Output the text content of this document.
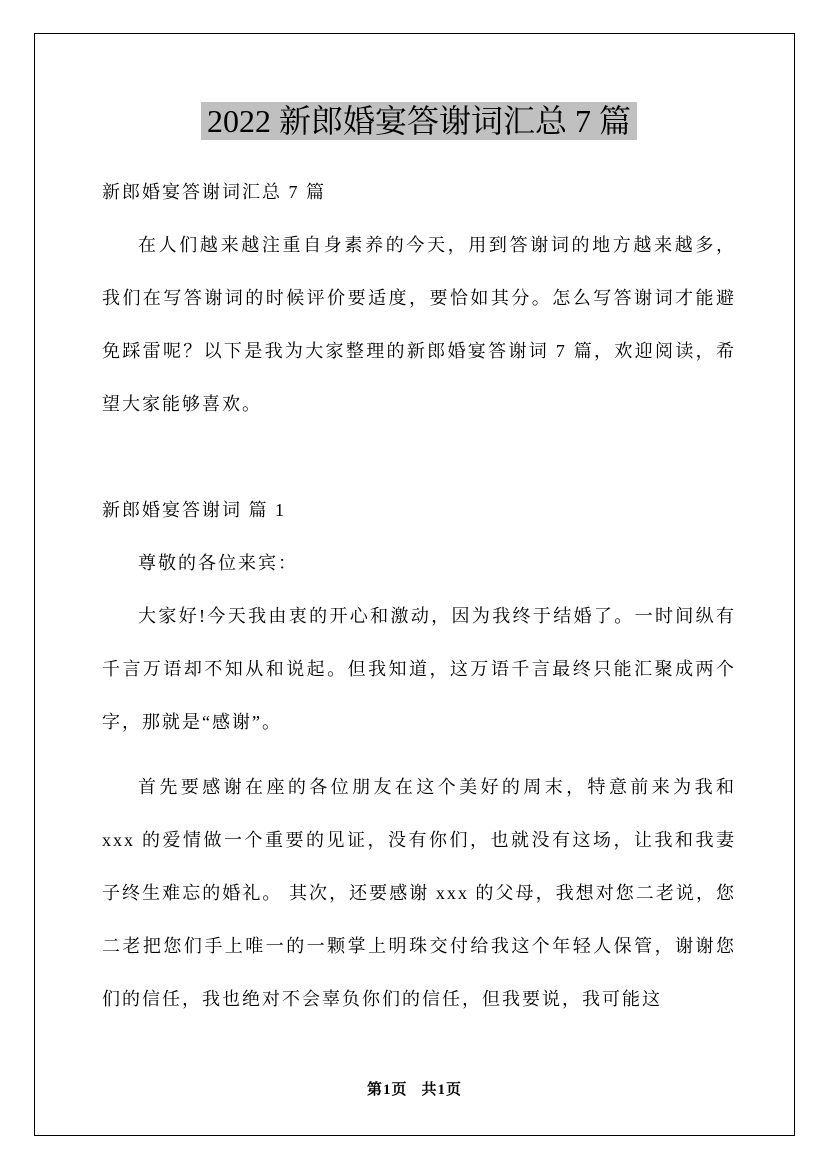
2022 新郎婚宴答谢词汇总 7 篇

新郎婚宴答谢词汇总 7 篇

在人们越来越注重自身素养的今天，用到答谢词的地方越来越多，我们在写答谢词的时候评价要适度，要恰如其分。怎么写答谢词才能避免踩雷呢？以下是我为大家整理的新郎婚宴答谢词 7 篇，欢迎阅读，希望大家能够喜欢。

新郎婚宴答谢词 篇 1

尊敬的各位来宾：

大家好!今天我由衷的开心和激动，因为我终于结婚了。一时间纵有千言万语却不知从和说起。但我知道，这万语千言最终只能汇聚成两个字，那就是“感谢”。

首先要感谢在座的各位朋友在这个美好的周末，特意前来为我和 xxx 的爱情做一个重要的见证，没有你们，也就没有这场，让我和我妻子终生难忘的婚礼。 其次，还要感谢 xxx 的父母，我想对您二老说，您二老把您们手上唯一的一颗掌上明珠交付给我这个年轻人保管，谢谢您们的信任，我也绝对不会辜负你们的信任，但我要说，我可能这

第1页 共1页
